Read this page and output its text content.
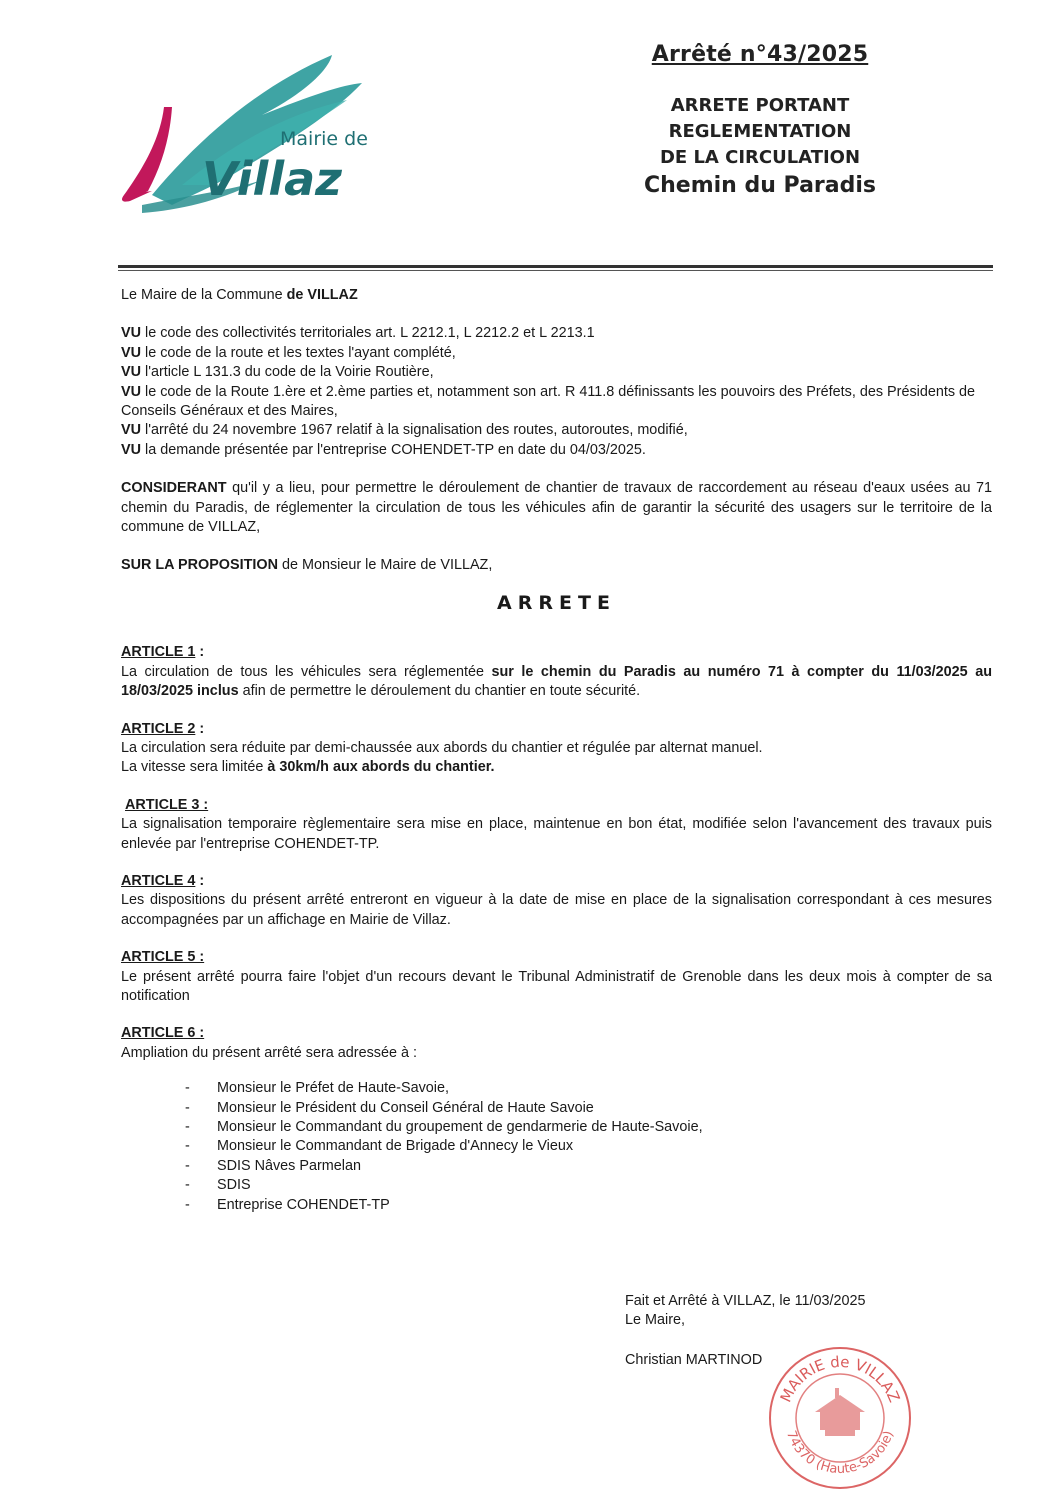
Mairie de
Villaz
Arrêté n°43/2025
ARRETE PORTANT
REGLEMENTATION
DE LA CIRCULATION
Chemin du Paradis

Le Maire de la Commune de VILLAZ

VU le code des collectivités territoriales art. L 2212.1, L 2212.2 et L 2213.1

VU le code de la route et les textes l'ayant complété,

VU l'article L 131.3 du code de la Voirie Routière,

VU le code de la Route 1.ère et 2.ème parties et, notamment son art. R 411.8 définissants les pouvoirs des Préfets, des Présidents de Conseils Généraux et des Maires,

VU l'arrêté du 24 novembre 1967 relatif à la signalisation des routes, autoroutes, modifié,

VU la demande présentée par l'entreprise COHENDET-TP en date du 04/03/2025.

CONSIDERANT qu'il y a lieu, pour permettre le déroulement de chantier de travaux de raccordement au réseau d'eaux usées au 71 chemin du Paradis, de réglementer la circulation de tous les véhicules afin de garantir la sécurité des usagers sur le territoire de la commune de VILLAZ,

SUR LA PROPOSITION de Monsieur le Maire de VILLAZ,

ARRETE

ARTICLE 1 :

La circulation de tous les véhicules sera réglementée sur le chemin du Paradis au numéro 71 à compter du 11/03/2025 au 18/03/2025 inclus afin de permettre le déroulement du chantier en toute sécurité.

ARTICLE 2 :

La circulation sera réduite par demi-chaussée aux abords du chantier et régulée par alternat manuel.

La vitesse sera limitée à 30km/h aux abords du chantier.

ARTICLE 3 :

La signalisation temporaire règlementaire sera mise en place, maintenue en bon état, modifiée selon l'avancement des travaux puis enlevée par l'entreprise COHENDET-TP.

ARTICLE 4 :

Les dispositions du présent arrêté entreront en vigueur à la date de mise en place de la signalisation correspondant à ces mesures accompagnées par un affichage en Mairie de Villaz.

ARTICLE 5 :

Le présent arrêté pourra faire l'objet d'un recours devant le Tribunal Administratif de Grenoble dans les deux mois à compter de sa notification

ARTICLE 6 :

Ampliation du présent arrêté sera adressée à :

- Monsieur le Préfet de Haute-Savoie,
- Monsieur le Président du Conseil Général de Haute Savoie
- Monsieur le Commandant du groupement de gendarmerie de Haute-Savoie,
- Monsieur le Commandant de Brigade d'Annecy le Vieux
- SDIS Nâves Parmelan
- SDIS
- Entreprise COHENDET-TP

Fait et Arrêté à VILLAZ, le 11/03/2025

Le Maire,

Christian MARTINOD

MAIRIE de VILLAZ
74370 (Haute-Savoie)
